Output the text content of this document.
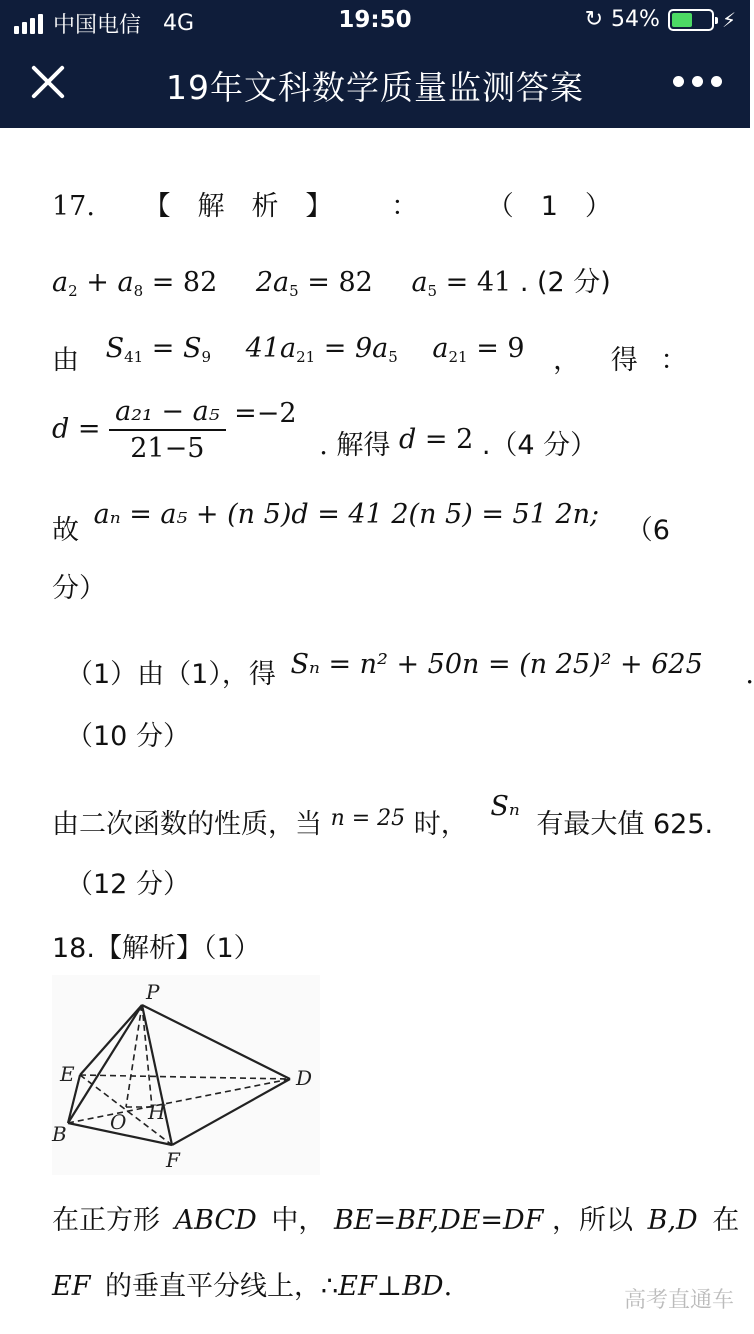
中国电信 4G	19:50	↻ 54%	⚡
19年文科数学质量监测答案
17. 【　解　析　】 ：	（　1　）
$a_2 + a_8 = 82$ $2a_5 = 82$ $a_5 = 41$ . (2 分)
由 $S_{41} = S_9$ $41a_{21} = 9a_5$ $a_{21} = 9$ ， 得 ：
$d = \frac{\text{a₂₁ − a₅}}{21-5} =-2$ . 解得 d = 2 .（4 分）
故 aₙ = a₅ + (n 5)d = 41 2(n 5) = 51 2n; （6
分）
（1）由（1），得 Sₙ = n² + 50n = (n 25)² + 625 .
（10 分）
由二次函数的性质，当 $^{n = 25}$ 时， Sₙ 有最大值 625.
（12 分）
18.【解析】（1）
P
E	D
B O H
F
在正方形 ABCD 中， BE=BF,DE=DF ，所以 B,D 在
EF 的垂直平分线上，∴EF⊥BD.	高考直通车
